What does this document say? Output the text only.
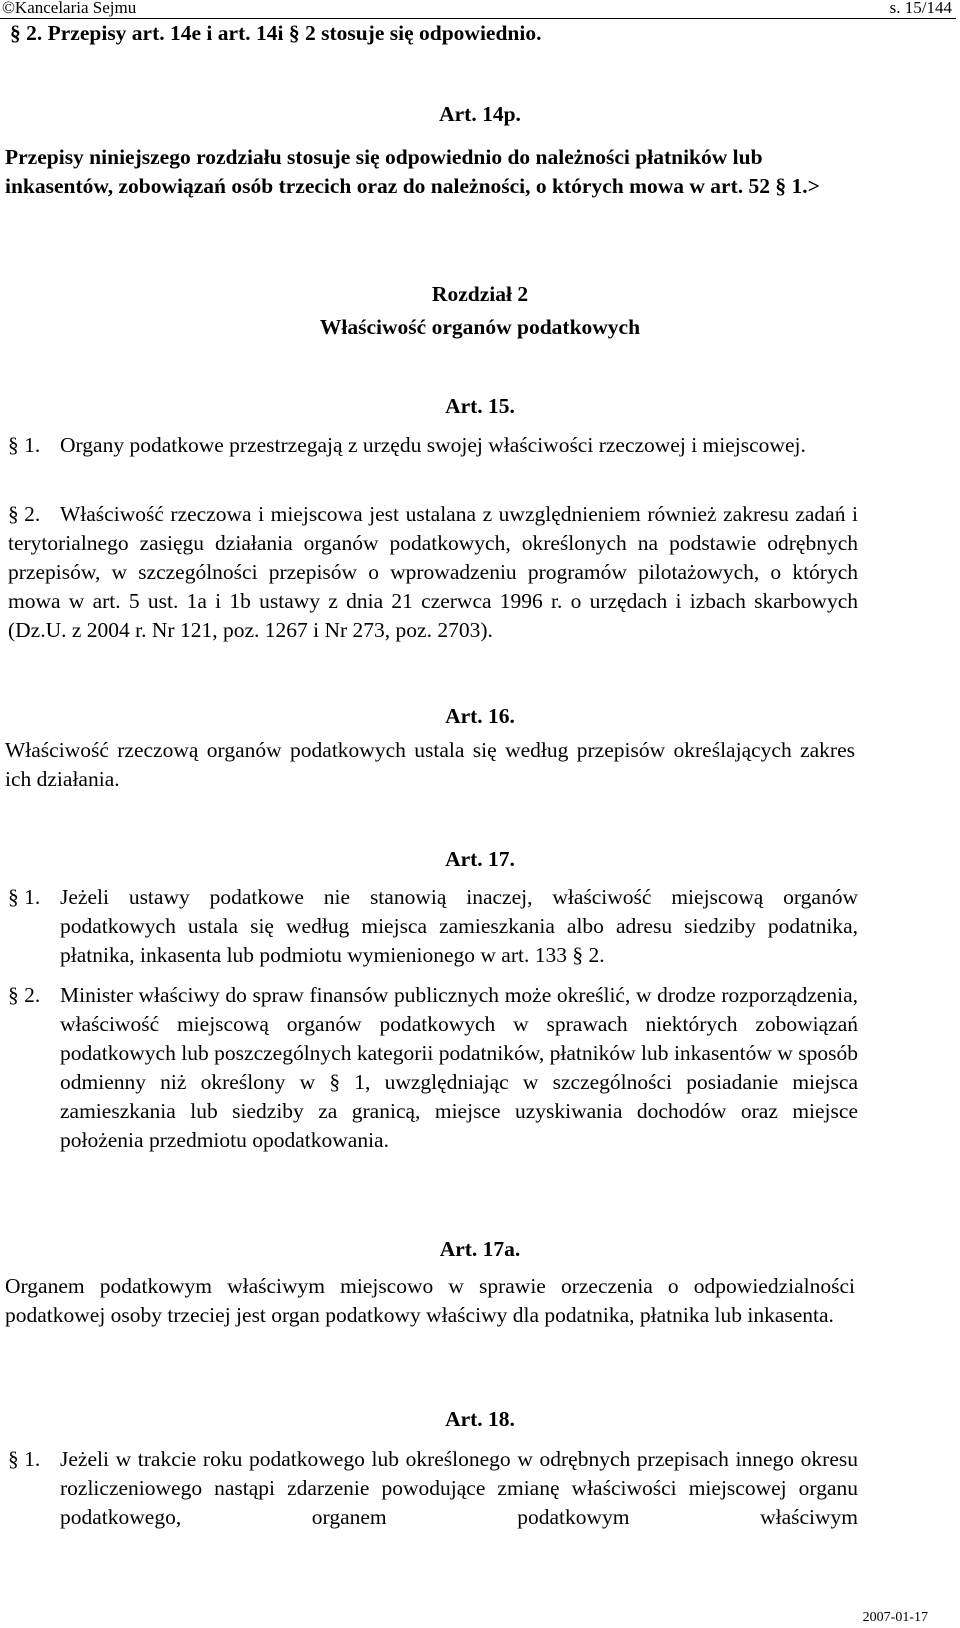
©Kancelaria Sejmu	s. 15/144

§ 2. Przepisy art. 14e i art. 14i § 2 stosuje się odpowiednio.

Art. 14p.

Przepisy niniejszego rozdziału stosuje się odpowiednio do należności płatników lub inkasentów, zobowiązań osób trzecich oraz do należności, o których mowa w art. 52 § 1.>

Rozdział 2

Właściwość organów podatkowych

Art. 15.

§ 1. Organy podatkowe przestrzegają z urzędu swojej właściwości rzeczowej i miejscowej.

§ 2. Właściwość rzeczowa i miejscowa jest ustalana z uwzględnieniem również zakresu zadań i terytorialnego zasięgu działania organów podatkowych, określonych na podstawie odrębnych przepisów, w szczególności przepisów o wprowadzeniu programów pilotażowych, o których mowa w art. 5 ust. 1a i 1b ustawy z dnia 21 czerwca 1996 r. o urzędach i izbach skarbowych (Dz.U. z 2004 r. Nr 121, poz. 1267 i Nr 273, poz. 2703).

Art. 16.

Właściwość rzeczową organów podatkowych ustala się według przepisów określających zakres ich działania.

Art. 17.

§ 1. Jeżeli ustawy podatkowe nie stanowią inaczej, właściwość miejscową organów podatkowych ustala się według miejsca zamieszkania albo adresu siedziby podatnika, płatnika, inkasenta lub podmiotu wymienionego w art. 133 § 2.

§ 2. Minister właściwy do spraw finansów publicznych może określić, w drodze rozporządzenia, właściwość miejscową organów podatkowych w sprawach niektórych zobowiązań podatkowych lub poszczególnych kategorii podatników, płatników lub inkasentów w sposób odmienny niż określony w § 1, uwzględniając w szczególności posiadanie miejsca zamieszkania lub siedziby za granicą, miejsce uzyskiwania dochodów oraz miejsce położenia przedmiotu opodatkowania.

Art. 17a.

Organem podatkowym właściwym miejscowo w sprawie orzeczenia o odpowiedzialności podatkowej osoby trzeciej jest organ podatkowy właściwy dla podatnika, płatnika lub inkasenta.

Art. 18.

§ 1. Jeżeli w trakcie roku podatkowego lub określonego w odrębnych przepisach innego okresu rozliczeniowego nastąpi zdarzenie powodujące zmianę właściwości miejscowej organu podatkowego, organem podatkowym właściwym

2007-01-17
